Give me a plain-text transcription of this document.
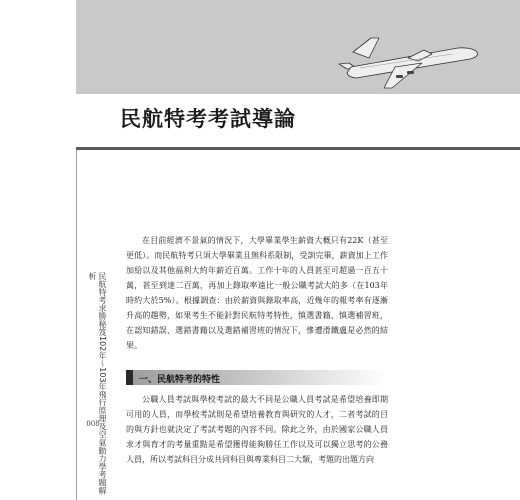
民航特考考試導論
民航特考求勝秘笈102年～103年飛行原理及空氣動力學考題解析
008

在目前經濟不景氣的情況下，大學畢業學生薪資大概只有22K（甚至更低）。而民航特考只須大學畢業且無科系限制，受訓完畢，薪資加上工作加給以及其他福利大約年薪近百萬。工作十年的人員甚至可超過一百五十萬，甚至到達二百萬，再加上錄取率遠比一般公職考試大的多（在103年時約大於5%）。根據調查：由於薪資與錄取率高，近幾年的報考率有逐漸升高的趨勢，如果考生不能針對民航特考特性，慎選書籍、慎選補習班，在認知錯誤、選錯書籍以及選錯補習班的情況下，慘遭滑鐵盧是必然的結果。

一、民航特考的特性

公職人員考試與學校考試的最大不同是公職人員考試是希望培養即期可用的人員，而學校考試則是希望培養教育與研究的人才，二者考試的目的與方針也就決定了考試考題的內容不同。除此之外，由於國家公職人員求才與育才的考量重點是希望獲得能夠勝任工作以及可以獨立思考的公務人員，所以考試科目分成共同科目與專業科目二大類，考題的出題方向
